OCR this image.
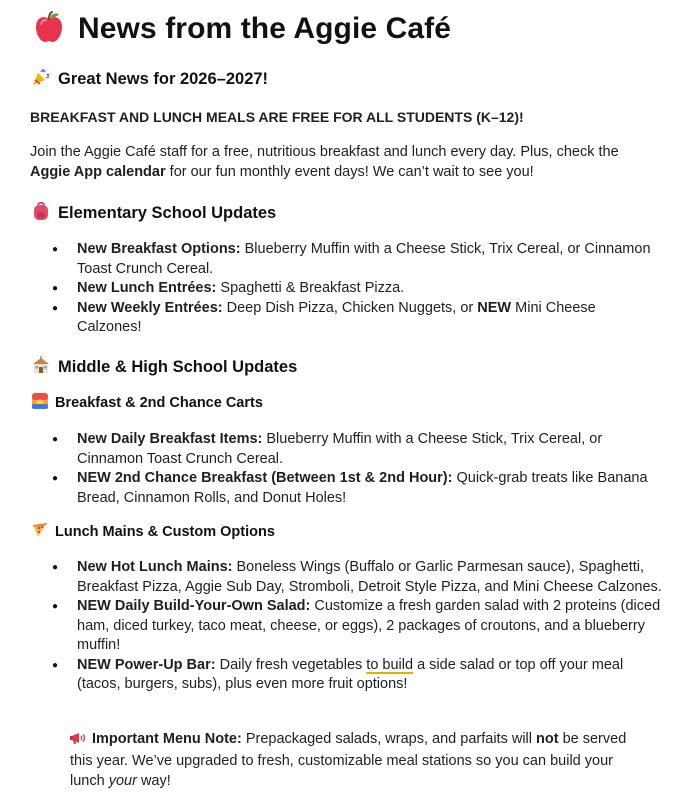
News from the Aggie Café
Great News for 2026–2027!
BREAKFAST AND LUNCH MEALS ARE FREE FOR ALL STUDENTS (K–12)!
Join the Aggie Café staff for a free, nutritious breakfast and lunch every day. Plus, check the Aggie App calendar for our fun monthly event days! We can’t wait to see you!
Elementary School Updates
● New Breakfast Options: Blueberry Muffin with a Cheese Stick, Trix Cereal, or Cinnamon Toast Crunch Cereal.
● New Lunch Entrées: Spaghetti & Breakfast Pizza.
● New Weekly Entrées: Deep Dish Pizza, Chicken Nuggets, or NEW Mini Cheese Calzones!
Middle & High School Updates
Breakfast & 2nd Chance Carts
● New Daily Breakfast Items: Blueberry Muffin with a Cheese Stick, Trix Cereal, or Cinnamon Toast Crunch Cereal.
● NEW 2nd Chance Breakfast (Between 1st & 2nd Hour): Quick-grab treats like Banana Bread, Cinnamon Rolls, and Donut Holes!
Lunch Mains & Custom Options
● New Hot Lunch Mains: Boneless Wings (Buffalo or Garlic Parmesan sauce), Spaghetti, Breakfast Pizza, Aggie Sub Day, Stromboli, Detroit Style Pizza, and Mini Cheese Calzones.
● NEW Daily Build-Your-Own Salad: Customize a fresh garden salad with 2 proteins (diced ham, diced turkey, taco meat, cheese, or eggs), 2 packages of croutons, and a blueberry muffin!
● NEW Power-Up Bar: Daily fresh vegetables to build a side salad or top off your meal (tacos, burgers, subs), plus even more fruit options!
Important Menu Note: Prepackaged salads, wraps, and parfaits will not be served this year. We’ve upgraded to fresh, customizable meal stations so you can build your lunch your way!
